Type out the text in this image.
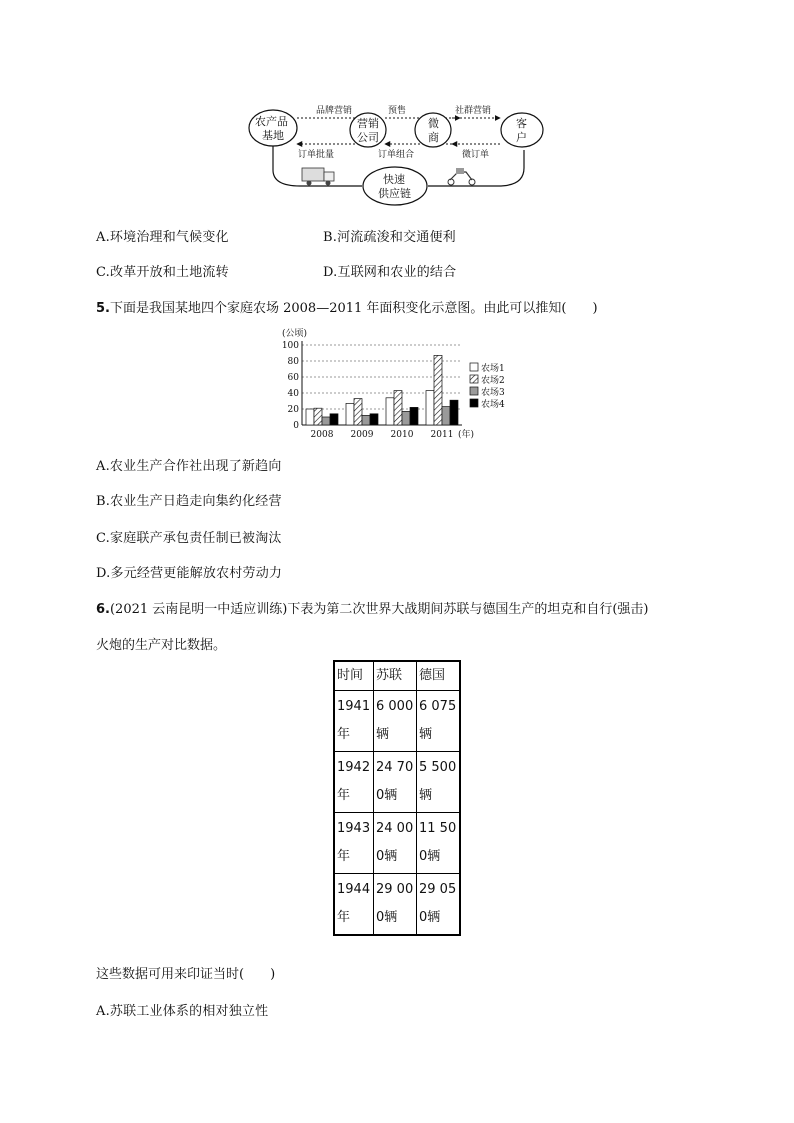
品牌营销
订单批量
预售
订单组合
社群营销
微订单
农产品
基地
营销
公司
微
商
客
户
快速
供应链
A.环境治理和气候变化	B.河流疏浚和交通便利
C.改革开放和土地流转	D.互联网和农业的结合
5.下面是我国某地四个家庭农场 2008—2011 年面积变化示意图。由此可以推知(　　)
0
20
40
60
80
100
(公顷)
2008 2009 2010 2011 (年)
农场1
农场2
农场3
农场4
A.农业生产合作社出现了新趋向
B.农业生产日趋走向集约化经营
C.家庭联产承包责任制已被淘汰
D.多元经营更能解放农村劳动力
6.(2021 云南昆明一中适应训练)下表为第二次世界大战期间苏联与德国生产的坦克和自行(强击)
火炮的生产对比数据。
时间	苏联	德国
1941年	6 000辆	6 075辆
1942年	24 700辆	5 500辆
1943年	24 000辆	11 500辆
1944年	29 000辆	29 050辆
这些数据可用来印证当时(　　)
A.苏联工业体系的相对独立性
